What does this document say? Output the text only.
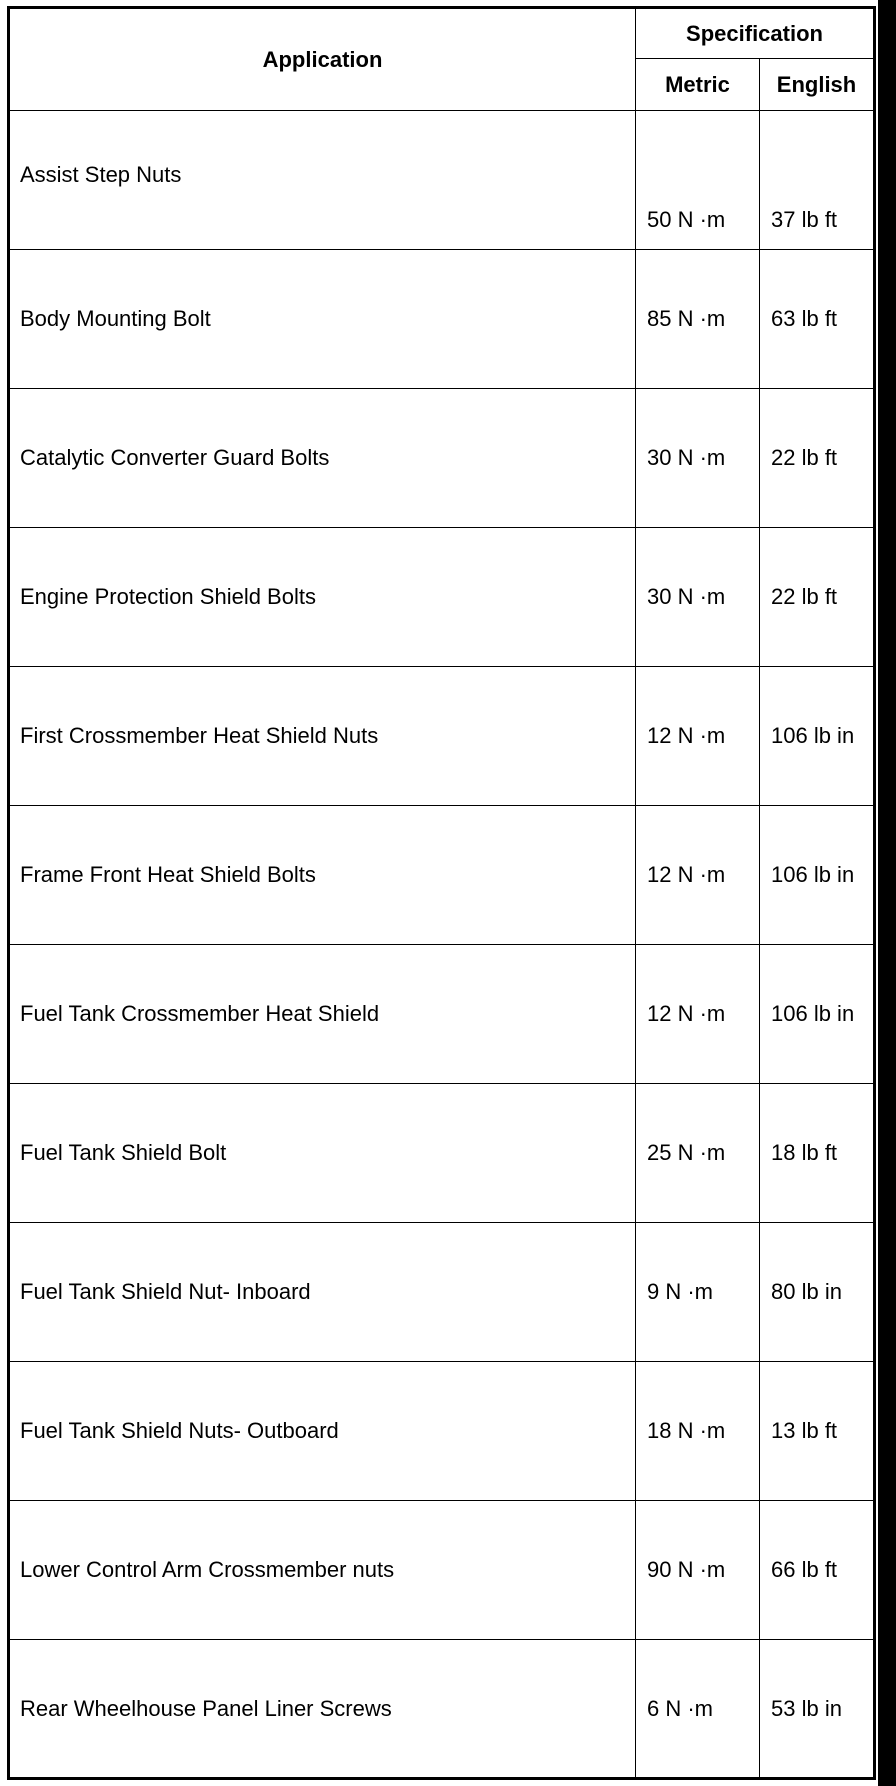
Application	Specification	
	Metric	English
Assist Step Nuts	50 N ·m	37 lb ft
Body Mounting Bolt	85 N ·m	63 lb ft
Catalytic Converter Guard Bolts	30 N ·m	22 lb ft
Engine Protection Shield Bolts	30 N ·m	22 lb ft
First Crossmember Heat Shield Nuts	12 N ·m	106 lb in
Frame Front Heat Shield Bolts	12 N ·m	106 lb in
Fuel Tank Crossmember Heat Shield	12 N ·m	106 lb in
Fuel Tank Shield Bolt	25 N ·m	18 lb ft
Fuel Tank Shield Nut- Inboard	9 N ·m	80 lb in
Fuel Tank Shield Nuts- Outboard	18 N ·m	13 lb ft
Lower Control Arm Crossmember nuts	90 N ·m	66 lb ft
Rear Wheelhouse Panel Liner Screws	6 N ·m	53 lb in
